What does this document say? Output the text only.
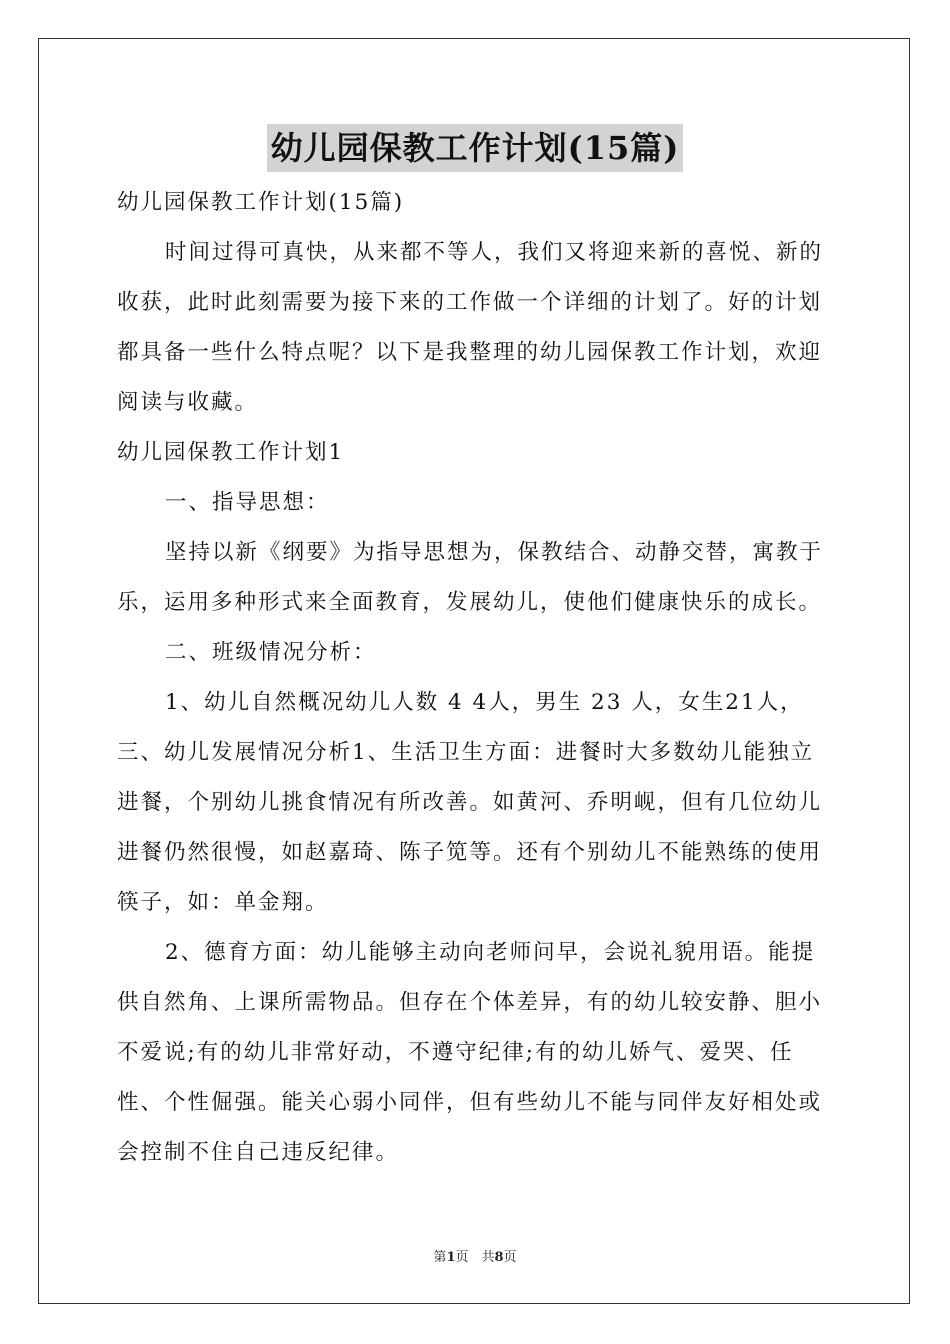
幼儿园保教工作计划(15篇)

幼儿园保教工作计划(15篇)

时间过得可真快，从来都不等人，我们又将迎来新的喜悦、新的收获，此时此刻需要为接下来的工作做一个详细的计划了。好的计划都具备一些什么特点呢？以下是我整理的幼儿园保教工作计划，欢迎阅读与收藏。

幼儿园保教工作计划1

一、指导思想：

坚持以新《纲要》为指导思想为，保教结合、动静交替，寓教于乐，运用多种形式来全面教育，发展幼儿，使他们健康快乐的成长。

二、班级情况分析：

1、幼儿自然概况幼儿人数 4 4人，男生 23 人，女生21人，三、幼儿发展情况分析1、生活卫生方面：进餐时大多数幼儿能独立进餐，个别幼儿挑食情况有所改善。如黄河、乔明岘，但有几位幼儿进餐仍然很慢，如赵嘉琦、陈子笕等。还有个别幼儿不能熟练的使用筷子，如：单金翔。

2、德育方面：幼儿能够主动向老师问早，会说礼貌用语。能提供自然角、上课所需物品。但存在个体差异，有的幼儿较安静、胆小不爱说;有的幼儿非常好动，不遵守纪律;有的幼儿娇气、爱哭、任性、个性倔强。能关心弱小同伴，但有些幼儿不能与同伴友好相处或会控制不住自己违反纪律。

第1页　共8页
